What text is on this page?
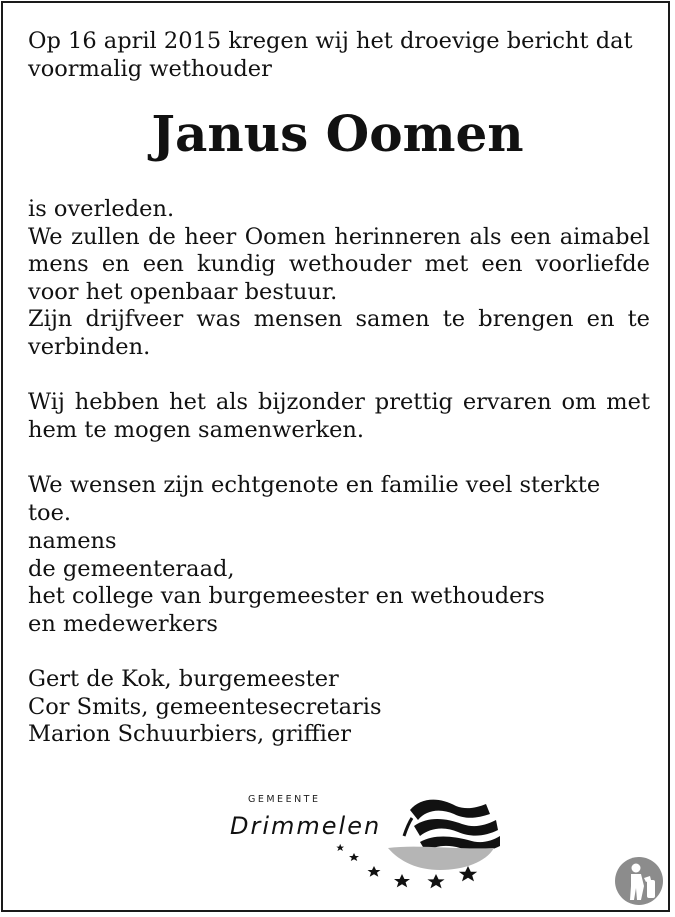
Op 16 april 2015 kregen wij het droevige bericht dat
voormalig wethouder

Janus Oomen
is overleden.
We zullen de heer Oomen herinneren als een aimabel mens en een kundig wethouder met een voorliefde voor het openbaar bestuur.
Zijn drijfveer was mensen samen te brengen en te verbinden.
Wij hebben het als bijzonder prettig ervaren om met hem te mogen samenwerken.
We wensen zijn echtgenote en familie veel sterkte toe.
namens
de gemeenteraad,
het college van burgemeester en wethouders
en medewerkers
Gert de Kok, burgemeester
Cor Smits, gemeentesecretaris
Marion Schuurbiers, griffier
GEMEENTE
Drimmelen
